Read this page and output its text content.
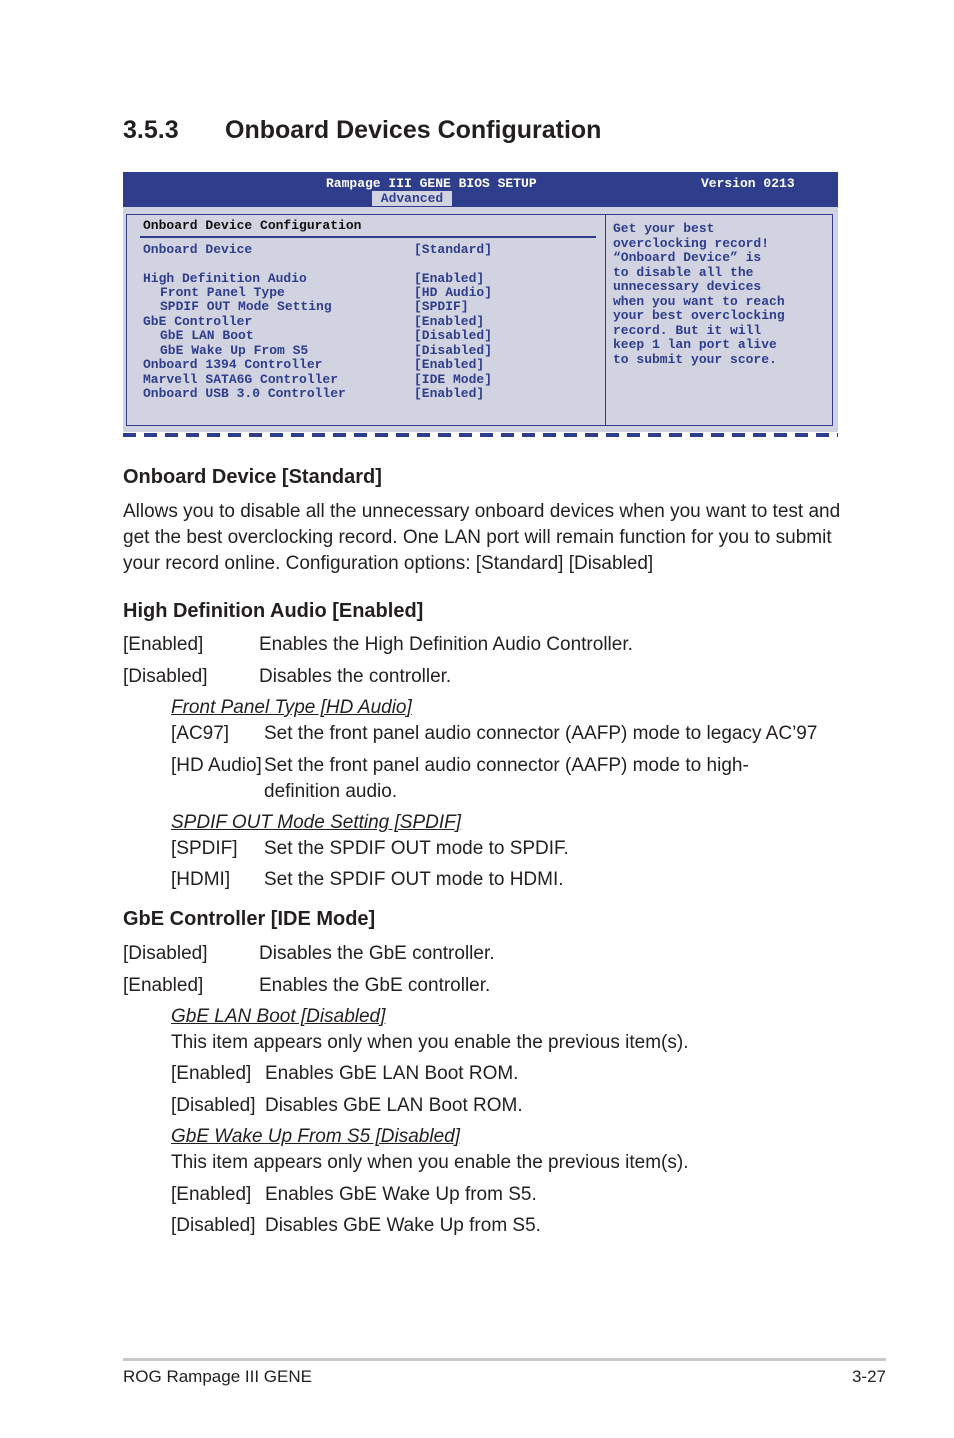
3.5.3 Onboard Devices Configuration
Rampage III GENE BIOS SETUP	Version 0213
Advanced
Onboard Device Configuration
Onboard Device	[Standard]
High Definition Audio	[Enabled]
Front Panel Type	[HD Audio]
SPDIF OUT Mode Setting	[SPDIF]
GbE Controller	[Enabled]
GbE LAN Boot	[Disabled]
GbE Wake Up From S5	[Disabled]
Onboard 1394 Controller	[Enabled]
Marvell SATA6G Controller	[IDE Mode]
Onboard USB 3.0 Controller	[Enabled]
Get your best
overclocking record!
“Onboard Device” is
to disable all the
unnecessary devices
when you want to reach
your best overclocking
record. But it will
keep 1 lan port alive
to submit your score.
Onboard Device [Standard]

Allows you to disable all the unnecessary onboard devices when you want to test and get the best overclocking record. One LAN port will remain function for you to submit your record online. Configuration options: [Standard] [Disabled]

High Definition Audio [Enabled]
[Enabled]	Enables the High Definition Audio Controller.
[Disabled]	Disables the controller.
Front Panel Type [HD Audio]
[AC97] Set the front panel audio connector (AAFP) mode to legacy AC’97
[HD Audio] Set the front panel audio connector (AAFP) mode to high-
definition audio.
SPDIF OUT Mode Setting [SPDIF]
[SPDIF] Set the SPDIF OUT mode to SPDIF.
[HDMI] Set the SPDIF OUT mode to HDMI.
GbE Controller [IDE Mode]
[Disabled]	Disables the GbE controller.
[Enabled]	Enables the GbE controller.
GbE LAN Boot [Disabled]
This item appears only when you enable the previous item(s).
[Enabled] Enables GbE LAN Boot ROM.
[Disabled] Disables GbE LAN Boot ROM.
GbE Wake Up From S5 [Disabled]
This item appears only when you enable the previous item(s).
[Enabled] Enables GbE Wake Up from S5.
[Disabled] Disables GbE Wake Up from S5.
ROG Rampage III GENE	3-27
